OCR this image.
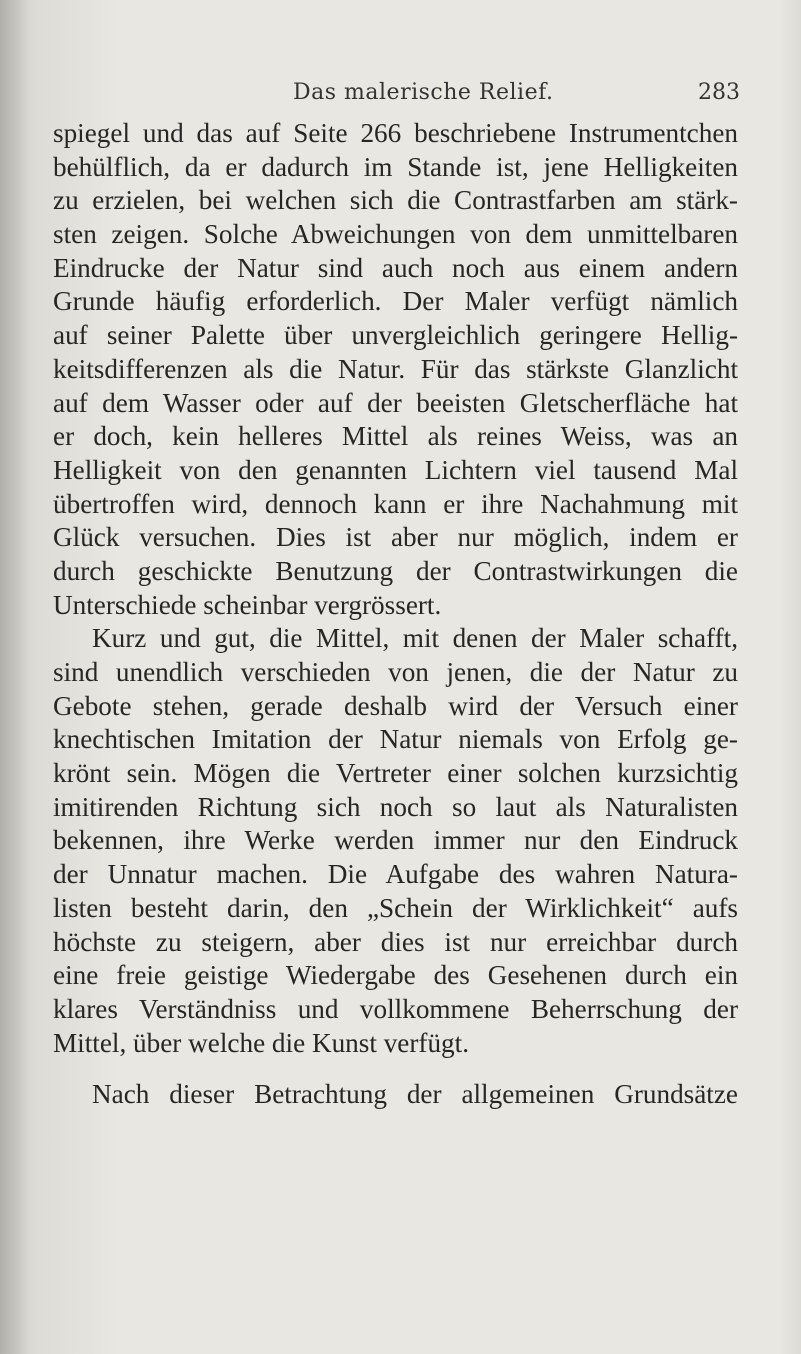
Das malerische Relief.	283
spiegel und das auf Seite 266 beschriebene Instrumentchen
behülflich, da er dadurch im Stande ist, jene Helligkeiten
zu erzielen, bei welchen sich die Contrastfarben am stärk-
sten zeigen. Solche Abweichungen von dem unmittelbaren
Eindrucke der Natur sind auch noch aus einem andern
Grunde häufig erforderlich. Der Maler verfügt nämlich
auf seiner Palette über unvergleichlich geringere Hellig-
keitsdifferenzen als die Natur. Für das stärkste Glanzlicht
auf dem Wasser oder auf der beeisten Gletscherfläche hat
er doch, kein helleres Mittel als reines Weiss, was an
Helligkeit von den genannten Lichtern viel tausend Mal
übertroffen wird, dennoch kann er ihre Nachahmung mit
Glück versuchen. Dies ist aber nur möglich, indem er
durch geschickte Benutzung der Contrastwirkungen die
Unterschiede scheinbar vergrössert.
Kurz und gut, die Mittel, mit denen der Maler schafft,
sind unendlich verschieden von jenen, die der Natur zu
Gebote stehen, gerade deshalb wird der Versuch einer
knechtischen Imitation der Natur niemals von Erfolg ge-
krönt sein. Mögen die Vertreter einer solchen kurzsichtig
imitirenden Richtung sich noch so laut als Naturalisten
bekennen, ihre Werke werden immer nur den Eindruck
der Unnatur machen. Die Aufgabe des wahren Natura-
listen besteht darin, den „Schein der Wirklichkeit“ aufs
höchste zu steigern, aber dies ist nur erreichbar durch
eine freie geistige Wiedergabe des Gesehenen durch ein
klares Verständniss und vollkommene Beherrschung der
Mittel, über welche die Kunst verfügt.
Nach dieser Betrachtung der allgemeinen Grundsätze
